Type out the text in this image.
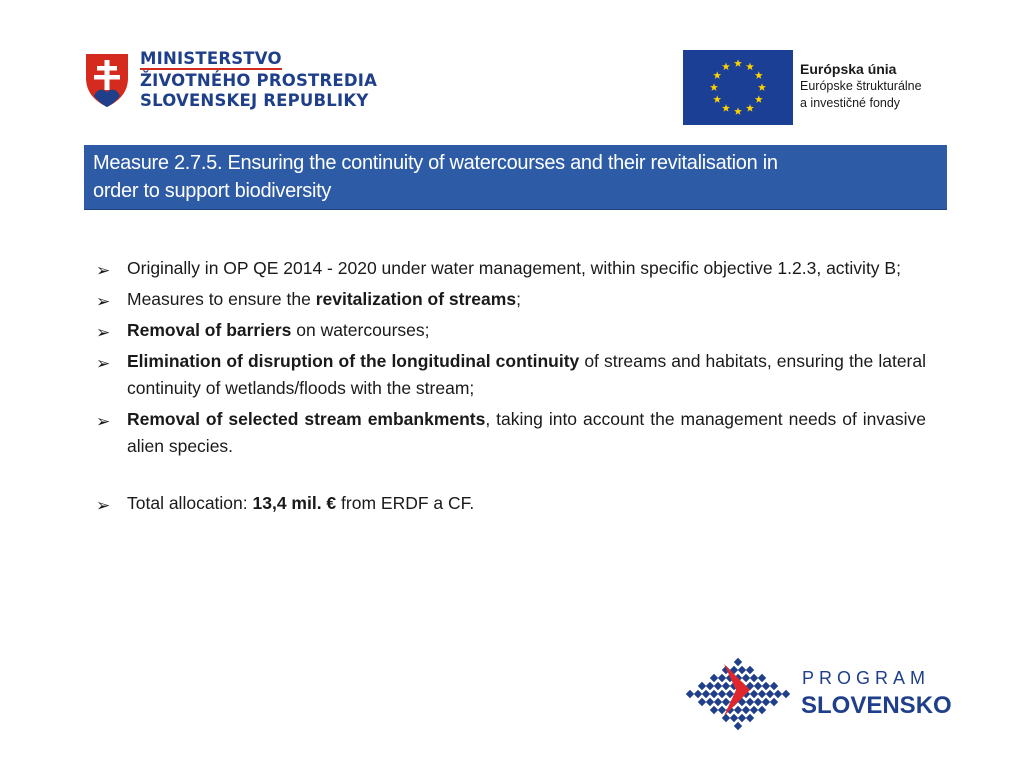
MINISTERSTVO
ŽIVOTNÉHO PROSTREDIA
SLOVENSKEJ REPUBLIKY
Európska únia
Európske štrukturálne
a investičné fondy
Measure 2.7.5. Ensuring the continuity of watercourses and their revitalisation in
order to support biodiversity
➢ Originally in OP QE 2014 - 2020 under water management, within specific objective 1.2.3, activity B;
➢ Measures to ensure the revitalization of streams;
➢ Removal of barriers on watercourses;
➢ Elimination of disruption of the longitudinal continuity of streams and habitats, ensuring the lateral continuity of wetlands/floods with the stream;
➢ Removal of selected stream embankments, taking into account the management needs of invasive alien species.
➢ Total allocation: 13,4 mil. € from ERDF a CF.
PROGRAM
SLOVENSKO
